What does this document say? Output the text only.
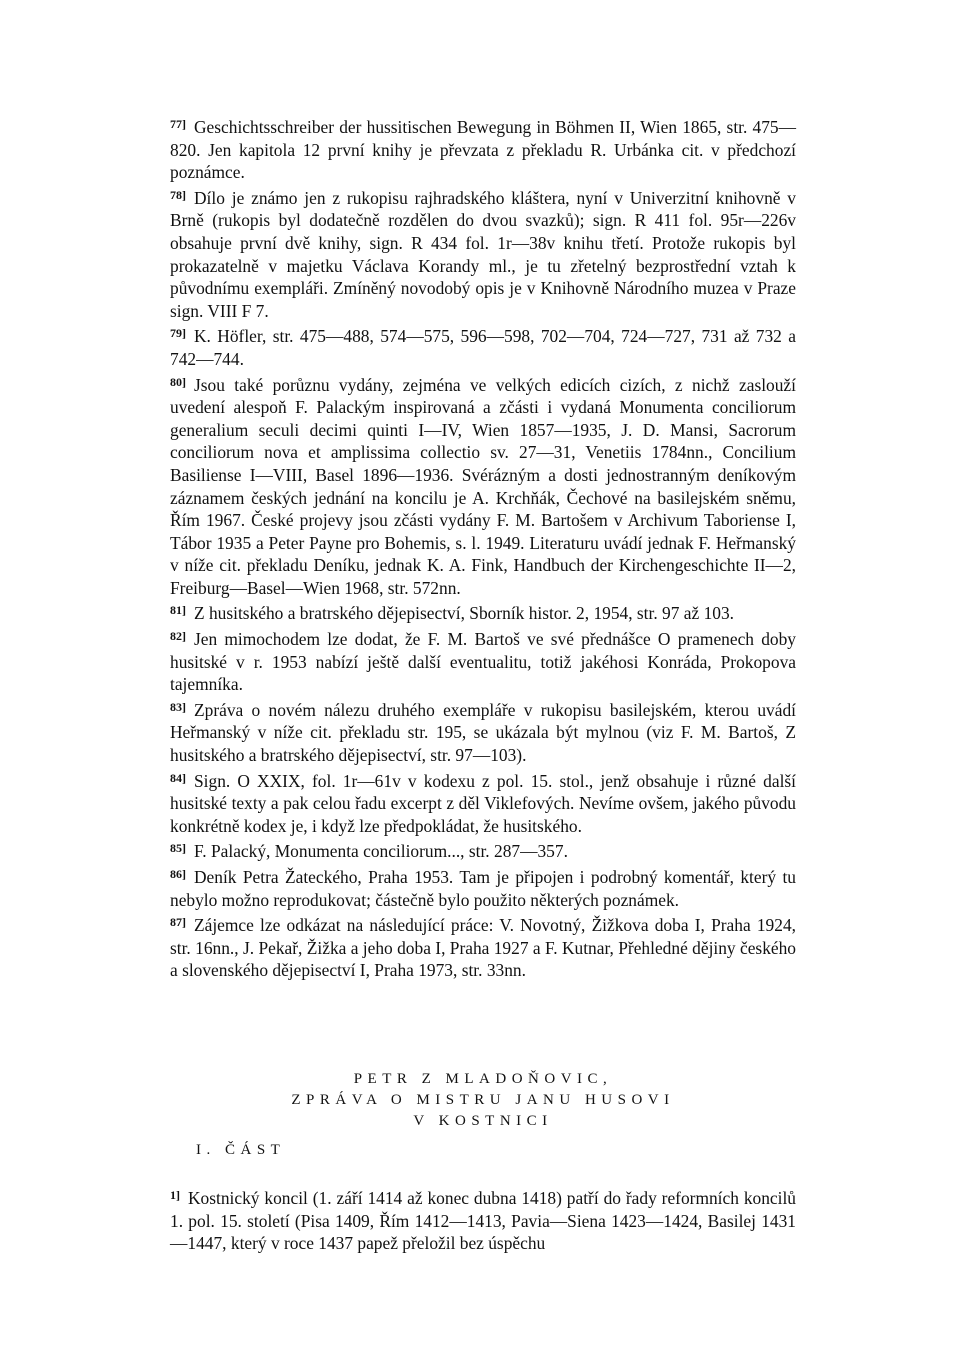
$^{77]}$ Geschichtsschreiber der hussitischen Bewegung in Böhmen II, Wien 1865, str. 475—820. Jen kapitola 12 první knihy je převzata z překladu R. Urbánka cit. v předchozí poznámce.

$^{78]}$ Dílo je známo jen z rukopisu rajhradského kláštera, nyní v Univerzitní knihovně v Brně (rukopis byl dodatečně rozdělen do dvou svazků); sign. R 411 fol. 95r—226v obsahuje první dvě knihy, sign. R 434 fol. 1r—38v knihu třetí. Protože rukopis byl prokazatelně v majetku Václava Korandy ml., je tu zřetelný bezprostřední vztah k původnímu exempláři. Zmíněný novodobý opis je v Knihovně Národního muzea v Praze sign. VIII F 7.

$^{79]}$ K. Höfler, str. 475—488, 574—575, 596—598, 702—704, 724—727, 731 až 732 a 742—744.

$^{80]}$ Jsou také porůznu vydány, zejména ve velkých edicích cizích, z nichž zaslouží uvedení alespoň F. Palackým inspirovaná a zčásti i vydaná Monumenta conciliorum generalium seculi decimi quinti I—IV, Wien 1857—1935, J. D. Mansi, Sacrorum conciliorum nova et amplissima collectio sv. 27—31, Venetiis 1784nn., Concilium Basiliense I—VIII, Basel 1896—1936. Svérázným a dosti jednostranným deníkovým záznamem českých jednání na koncilu je A. Krchňák, Čechové na basilejském sněmu, Řím 1967. České projevy jsou zčásti vydány F. M. Bartošem v Archivum Taboriense I, Tábor 1935 a Peter Payne pro Bohemis, s. l. 1949. Literaturu uvádí jednak F. Heřmanský v níže cit. překladu Deníku, jednak K. A. Fink, Handbuch der Kirchengeschichte II—2, Freiburg—Basel—Wien 1968, str. 572nn.

$^{81]}$ Z husitského a bratrského dějepisectví, Sborník histor. 2, 1954, str. 97 až 103.

$^{82]}$ Jen mimochodem lze dodat, že F. M. Bartoš ve své přednášce O pramenech doby husitské v r. 1953 nabízí ještě další eventualitu, totiž jakéhosi Konráda, Prokopova tajemníka.

$^{83]}$ Zpráva o novém nálezu druhého exempláře v rukopisu basilejském, kterou uvádí Heřmanský v níže cit. překladu str. 195, se ukázala být mylnou (viz F. M. Bartoš, Z husitského a bratrského dějepisectví, str. 97—103).

$^{84]}$ Sign. O XXIX, fol. 1r—61v v kodexu z pol. 15. stol., jenž obsahuje i různé další husitské texty a pak celou řadu excerpt z děl Viklefových. Nevíme ovšem, jakého původu konkrétně kodex je, i když lze předpokládat, že husitského.

$^{85]}$ F. Palacký, Monumenta conciliorum..., str. 287—357.

$^{86]}$ Deník Petra Žateckého, Praha 1953. Tam je připojen i podrobný komentář, který tu nebylo možno reprodukovat; částečně bylo použito některých poznámek.

$^{87]}$ Zájemce lze odkázat na následující práce: V. Novotný, Žižkova doba I, Praha 1924, str. 16nn., J. Pekař, Žižka a jeho doba I, Praha 1927 a F. Kutnar, Přehledné dějiny českého a slovenského dějepisectví I, Praha 1973, str. 33nn.

PETR Z MLADOŇOVIC,
ZPRÁVA O MISTRU JANU HUSOVI
V KOSTNICI
I. ČÁST

$^{1]}$ Kostnický koncil (1. září 1414 až konec dubna 1418) patří do řady reformních koncilů 1. pol. 15. století (Pisa 1409, Řím 1412—1413, Pavia—Siena 1423—1424, Basilej 1431—1447, který v roce 1437 papež přeložil bez úspěchu
